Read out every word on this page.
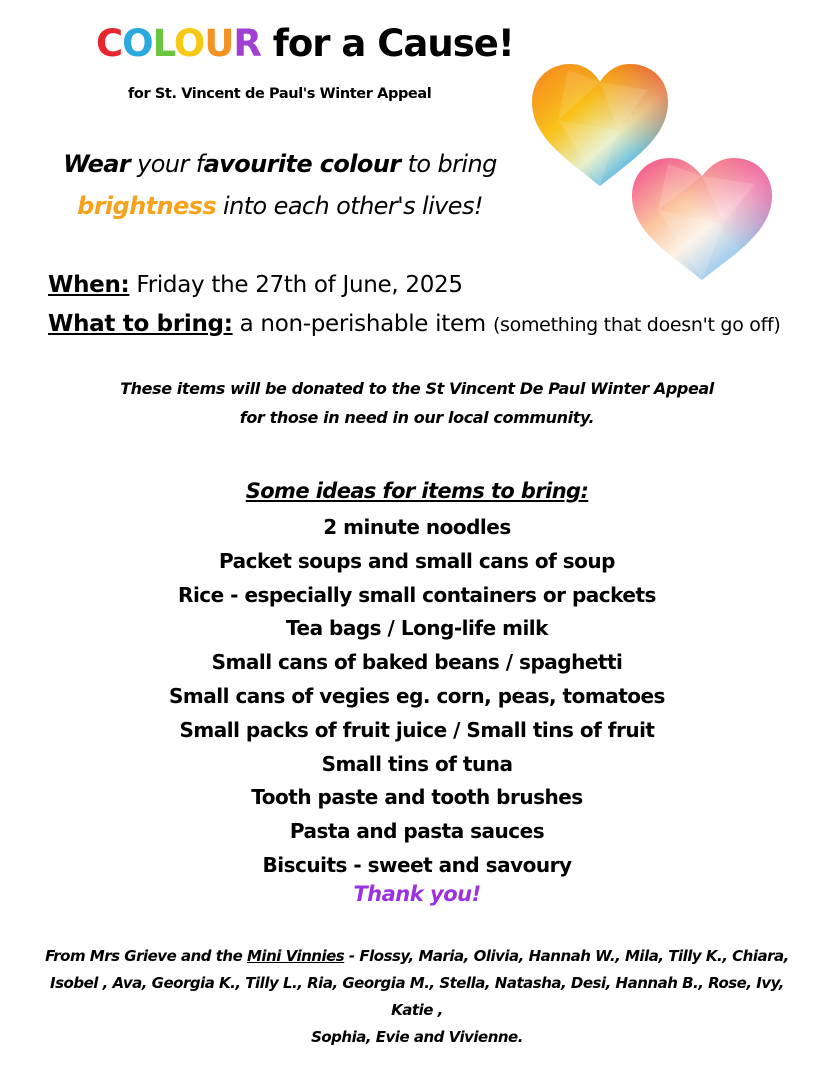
COLOUR for a Cause!
for St. Vincent de Paul's Winter Appeal
Wear your favourite colour to bring
brightness into each other's lives!
When: Friday the 27th of June, 2025
What to bring: a non-perishable item (something that doesn't go off)
These items will be donated to the St Vincent De Paul Winter Appeal
for those in need in our local community.
Some ideas for items to bring:
2 minute noodles
Packet soups and small cans of soup
Rice - especially small containers or packets
Tea bags / Long-life milk
Small cans of baked beans / spaghetti
Small cans of vegies eg. corn, peas, tomatoes
Small packs of fruit juice / Small tins of fruit
Small tins of tuna
Tooth paste and tooth brushes
Pasta and pasta sauces
Biscuits - sweet and savoury
Thank you!
From Mrs Grieve and the Mini Vinnies - Flossy, Maria, Olivia, Hannah W., Mila, Tilly K., Chiara,
Isobel , Ava, Georgia K., Tilly L., Ria, Georgia M., Stella, Natasha, Desi, Hannah B., Rose, Ivy, Katie ,
Sophia, Evie and Vivienne.
